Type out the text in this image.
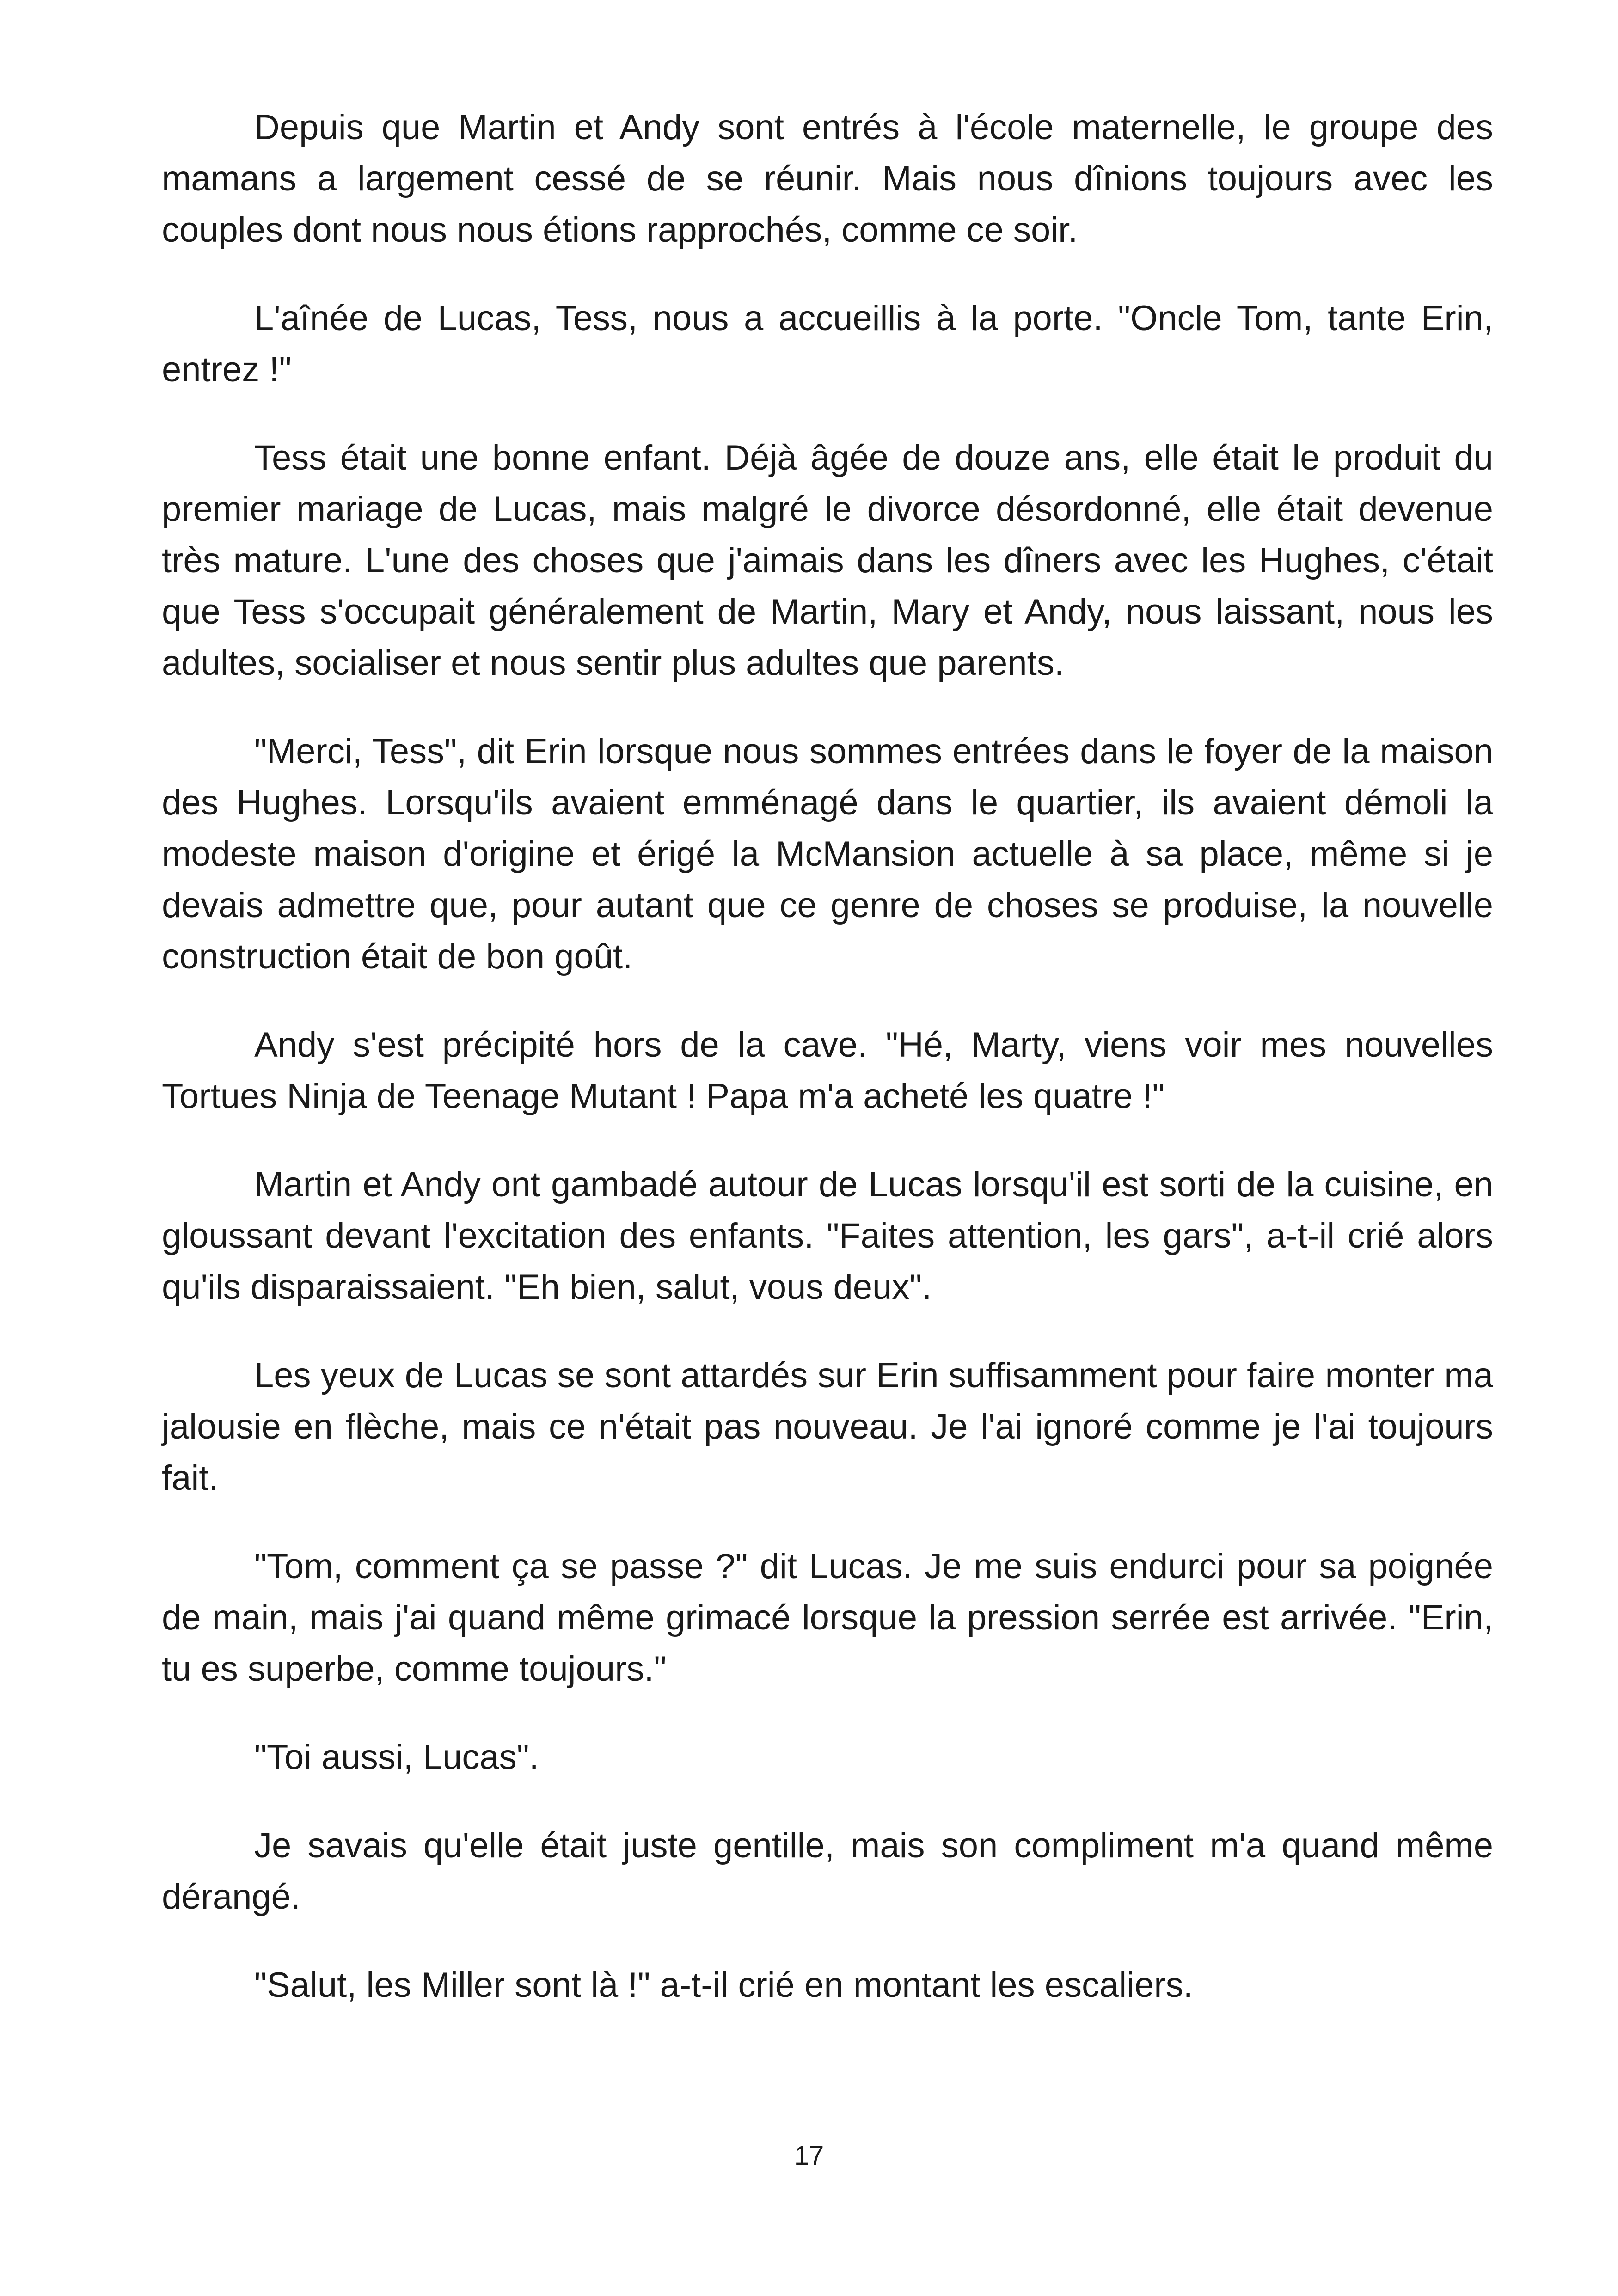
Depuis que Martin et Andy sont entrés à l'école maternelle, le groupe des mamans a largement cessé de se réunir. Mais nous dînions toujours avec les couples dont nous nous étions rapprochés, comme ce soir.

L'aînée de Lucas, Tess, nous a accueillis à la porte. "Oncle Tom, tante Erin, entrez !"

Tess était une bonne enfant. Déjà âgée de douze ans, elle était le produit du premier mariage de Lucas, mais malgré le divorce désordonné, elle était devenue très mature. L'une des choses que j'aimais dans les dîners avec les Hughes, c'était que Tess s'occupait généralement de Martin, Mary et Andy, nous laissant, nous les adultes, socialiser et nous sentir plus adultes que parents.

"Merci, Tess", dit Erin lorsque nous sommes entrées dans le foyer de la maison des Hughes. Lorsqu'ils avaient emménagé dans le quartier, ils avaient démoli la modeste maison d'origine et érigé la McMansion actuelle à sa place, même si je devais admettre que, pour autant que ce genre de choses se produise, la nouvelle construction était de bon goût.

Andy s'est précipité hors de la cave. "Hé, Marty, viens voir mes nouvelles Tortues Ninja de Teenage Mutant ! Papa m'a acheté les quatre !"

Martin et Andy ont gambadé autour de Lucas lorsqu'il est sorti de la cuisine, en gloussant devant l'excitation des enfants. "Faites attention, les gars", a-t-il crié alors qu'ils disparaissaient. "Eh bien, salut, vous deux".

Les yeux de Lucas se sont attardés sur Erin suffisamment pour faire monter ma jalousie en flèche, mais ce n'était pas nouveau. Je l'ai ignoré comme je l'ai toujours fait.

"Tom, comment ça se passe ?" dit Lucas. Je me suis endurci pour sa poignée de main, mais j'ai quand même grimacé lorsque la pression serrée est arrivée. "Erin, tu es superbe, comme toujours."

"Toi aussi, Lucas".

Je savais qu'elle était juste gentille, mais son compliment m'a quand même dérangé.

"Salut, les Miller sont là !" a-t-il crié en montant les escaliers.

17
